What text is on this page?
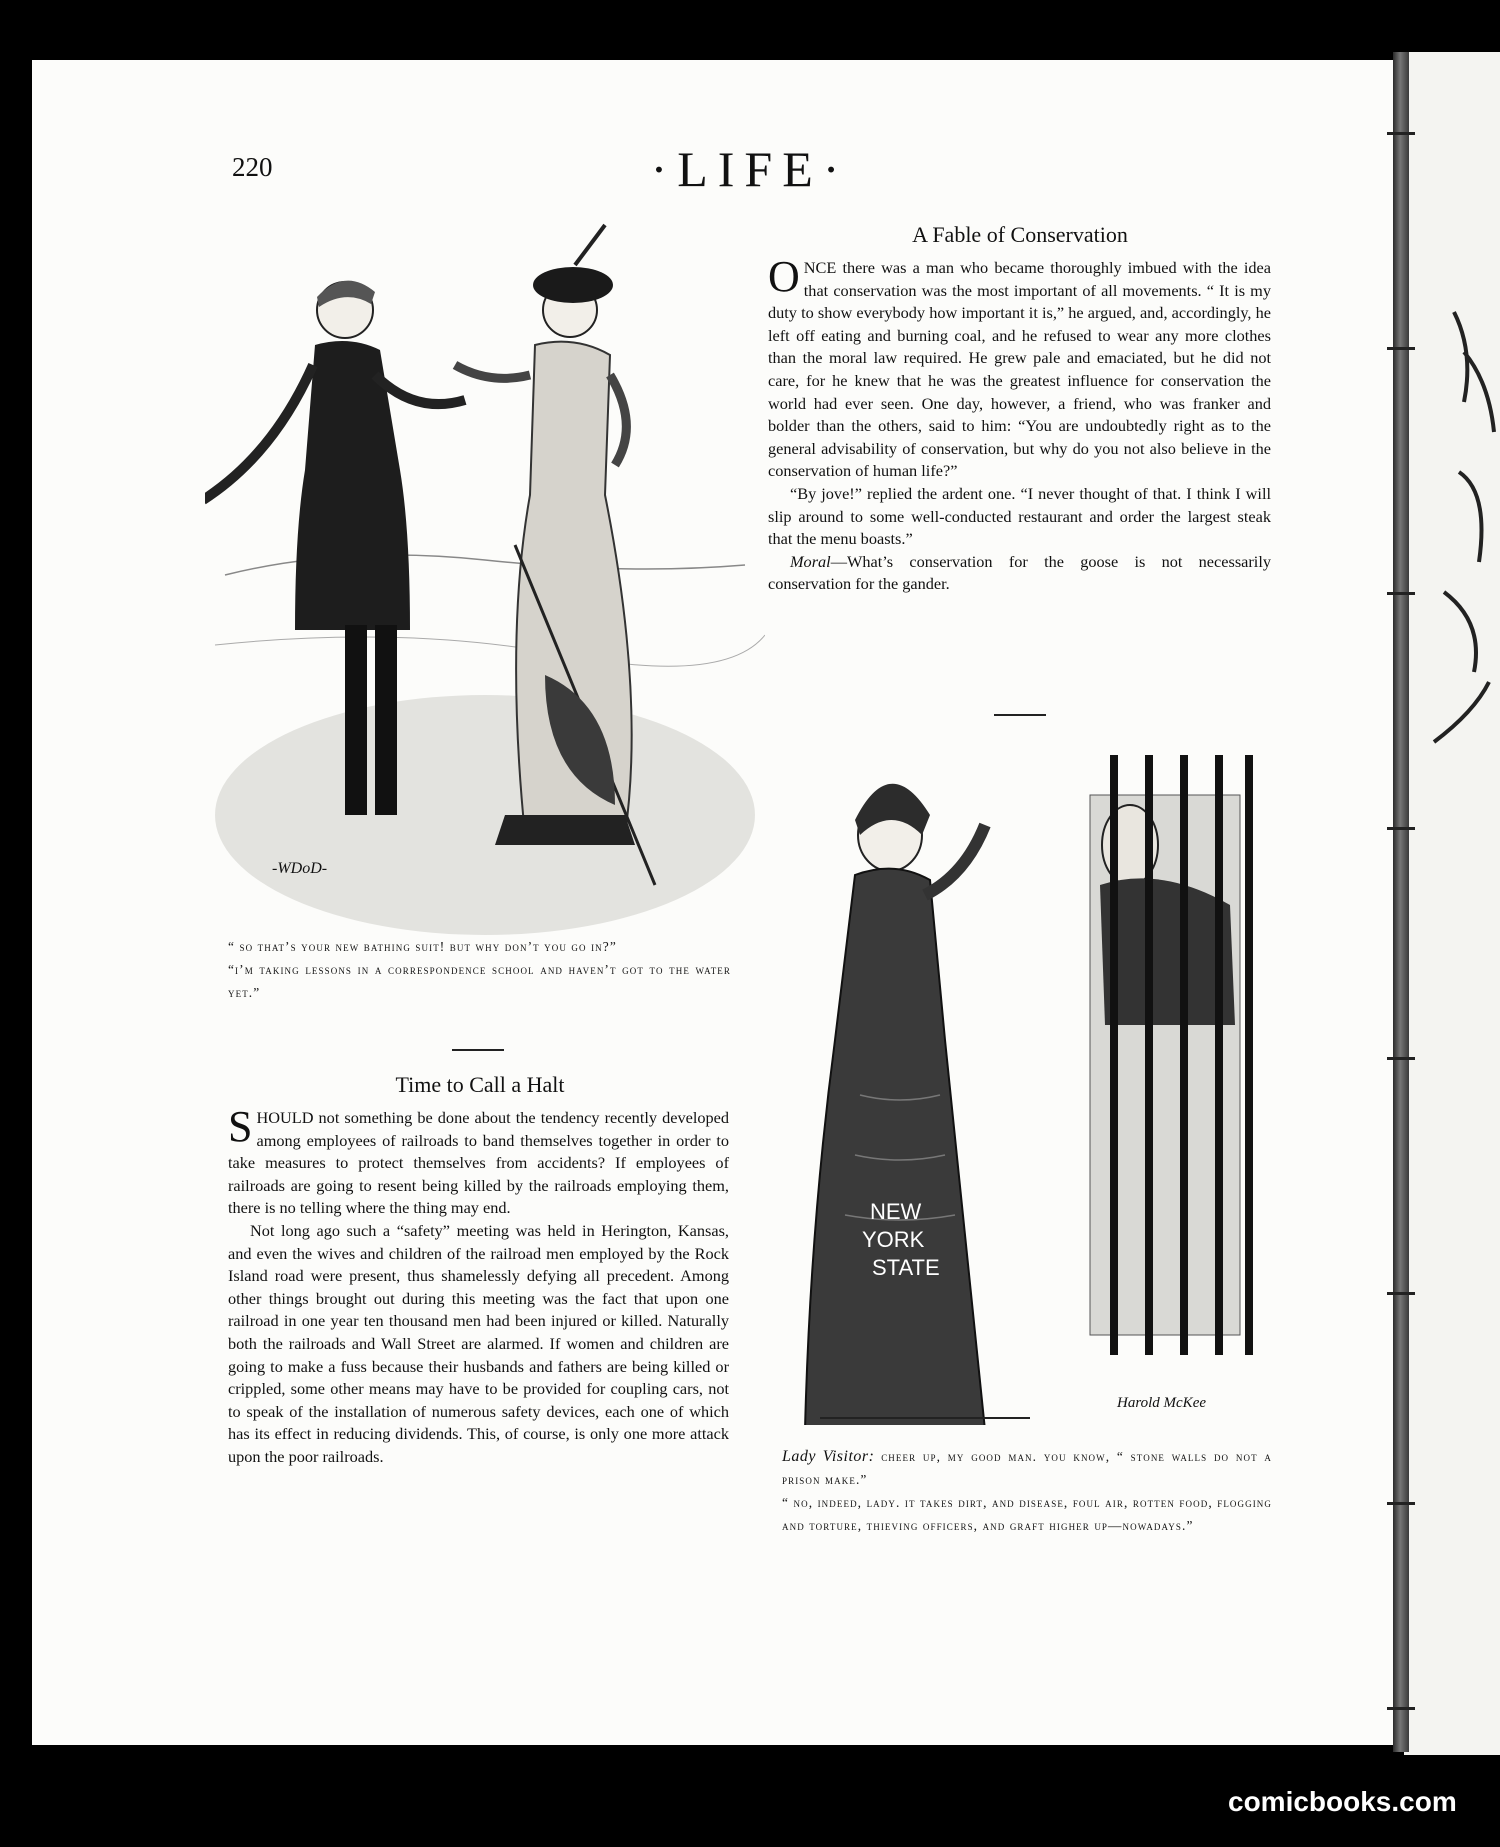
220	·LIFE·
-WDoD-

“ so that’s your new bathing suit! but why don’t you go in?”

“i’m taking lessons in a correspondence school and haven’t got to the water yet.”

Time to Call a Halt

SHOULD not something be done about the tendency recently developed among employees of railroads to band themselves together in order to take measures to protect themselves from accidents? If employees of railroads are going to resent being killed by the railroads employing them, there is no telling where the thing may end.

Not long ago such a “safety” meeting was held in Herington, Kansas, and even the wives and children of the railroad men employed by the Rock Island road were present, thus shamelessly defying all precedent. Among other things brought out during this meeting was the fact that upon one railroad in one year ten thousand men had been injured or killed. Naturally both the railroads and Wall Street are alarmed. If women and children are going to make a fuss because their husbands and fathers are being killed or crippled, some other means may have to be provided for coupling cars, not to speak of the installation of numerous safety devices, each one of which has its effect in reducing dividends. This, of course, is only one more attack upon the poor railroads.

A Fable of Conservation

ONCE there was a man who became thoroughly imbued with the idea that conservation was the most important of all movements. “ It is my duty to show everybody how important it is,” he argued, and, accordingly, he left off eating and burning coal, and he refused to wear any more clothes than the moral law required. He grew pale and emaciated, but he did not care, for he knew that he was the greatest influence for conservation the world had ever seen. One day, however, a friend, who was franker and bolder than the others, said to him: “You are undoubtedly right as to the general advisability of conservation, but why do you not also believe in the conservation of human life?”

“By jove!” replied the ardent one. “I never thought of that. I think I will slip around to some well-conducted restaurant and order the largest steak that the menu boasts.”

Moral—What’s conservation for the goose is not necessarily conservation for the gander.

NEW
YORK
STATE
Harold McKee

Lady Visitor: cheer up, my good man. you know, “ stone walls do not a prison make.”

“ no, indeed, lady. it takes dirt, and disease, foul air, rotten food, flogging and torture, thieving officers, and graft higher up—nowadays.”

comicbooks.com
